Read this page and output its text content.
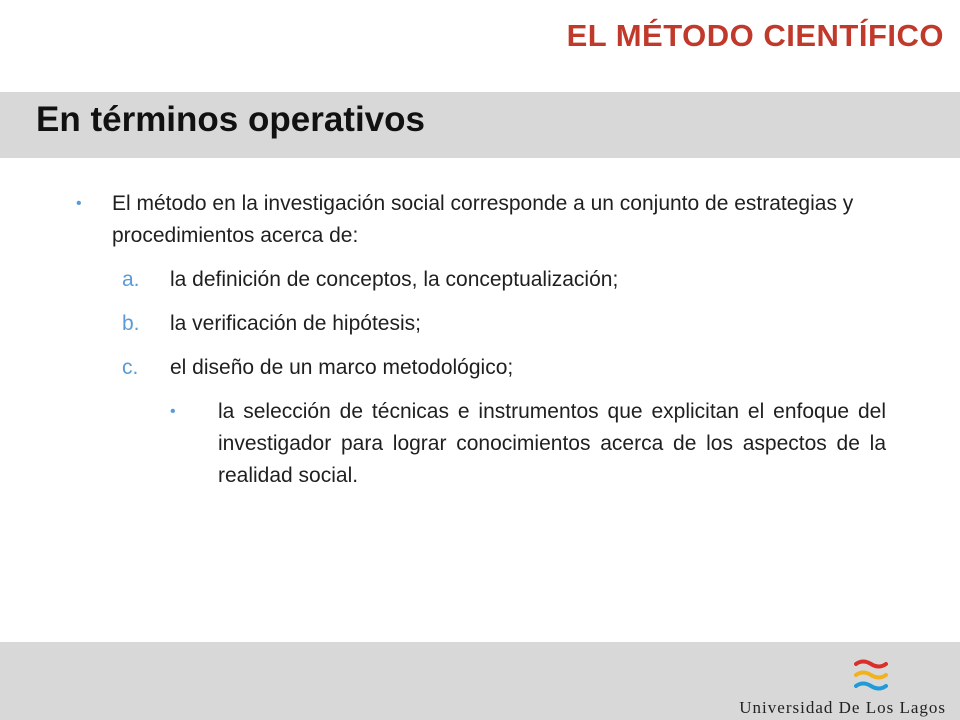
EL MÉTODO CIENTÍFICO
En términos operativos
•	El método en la investigación social corresponde a un conjunto de estrategias y procedimientos acerca de:
a.	la definición de conceptos, la conceptualización;
b.	la verificación de hipótesis;
c.	el diseño de un marco metodológico;
•	la selección de técnicas e instrumentos que explicitan el enfoque del investigador para lograr conocimientos acerca de los aspectos de la realidad social.
Universidad De Los Lagos
